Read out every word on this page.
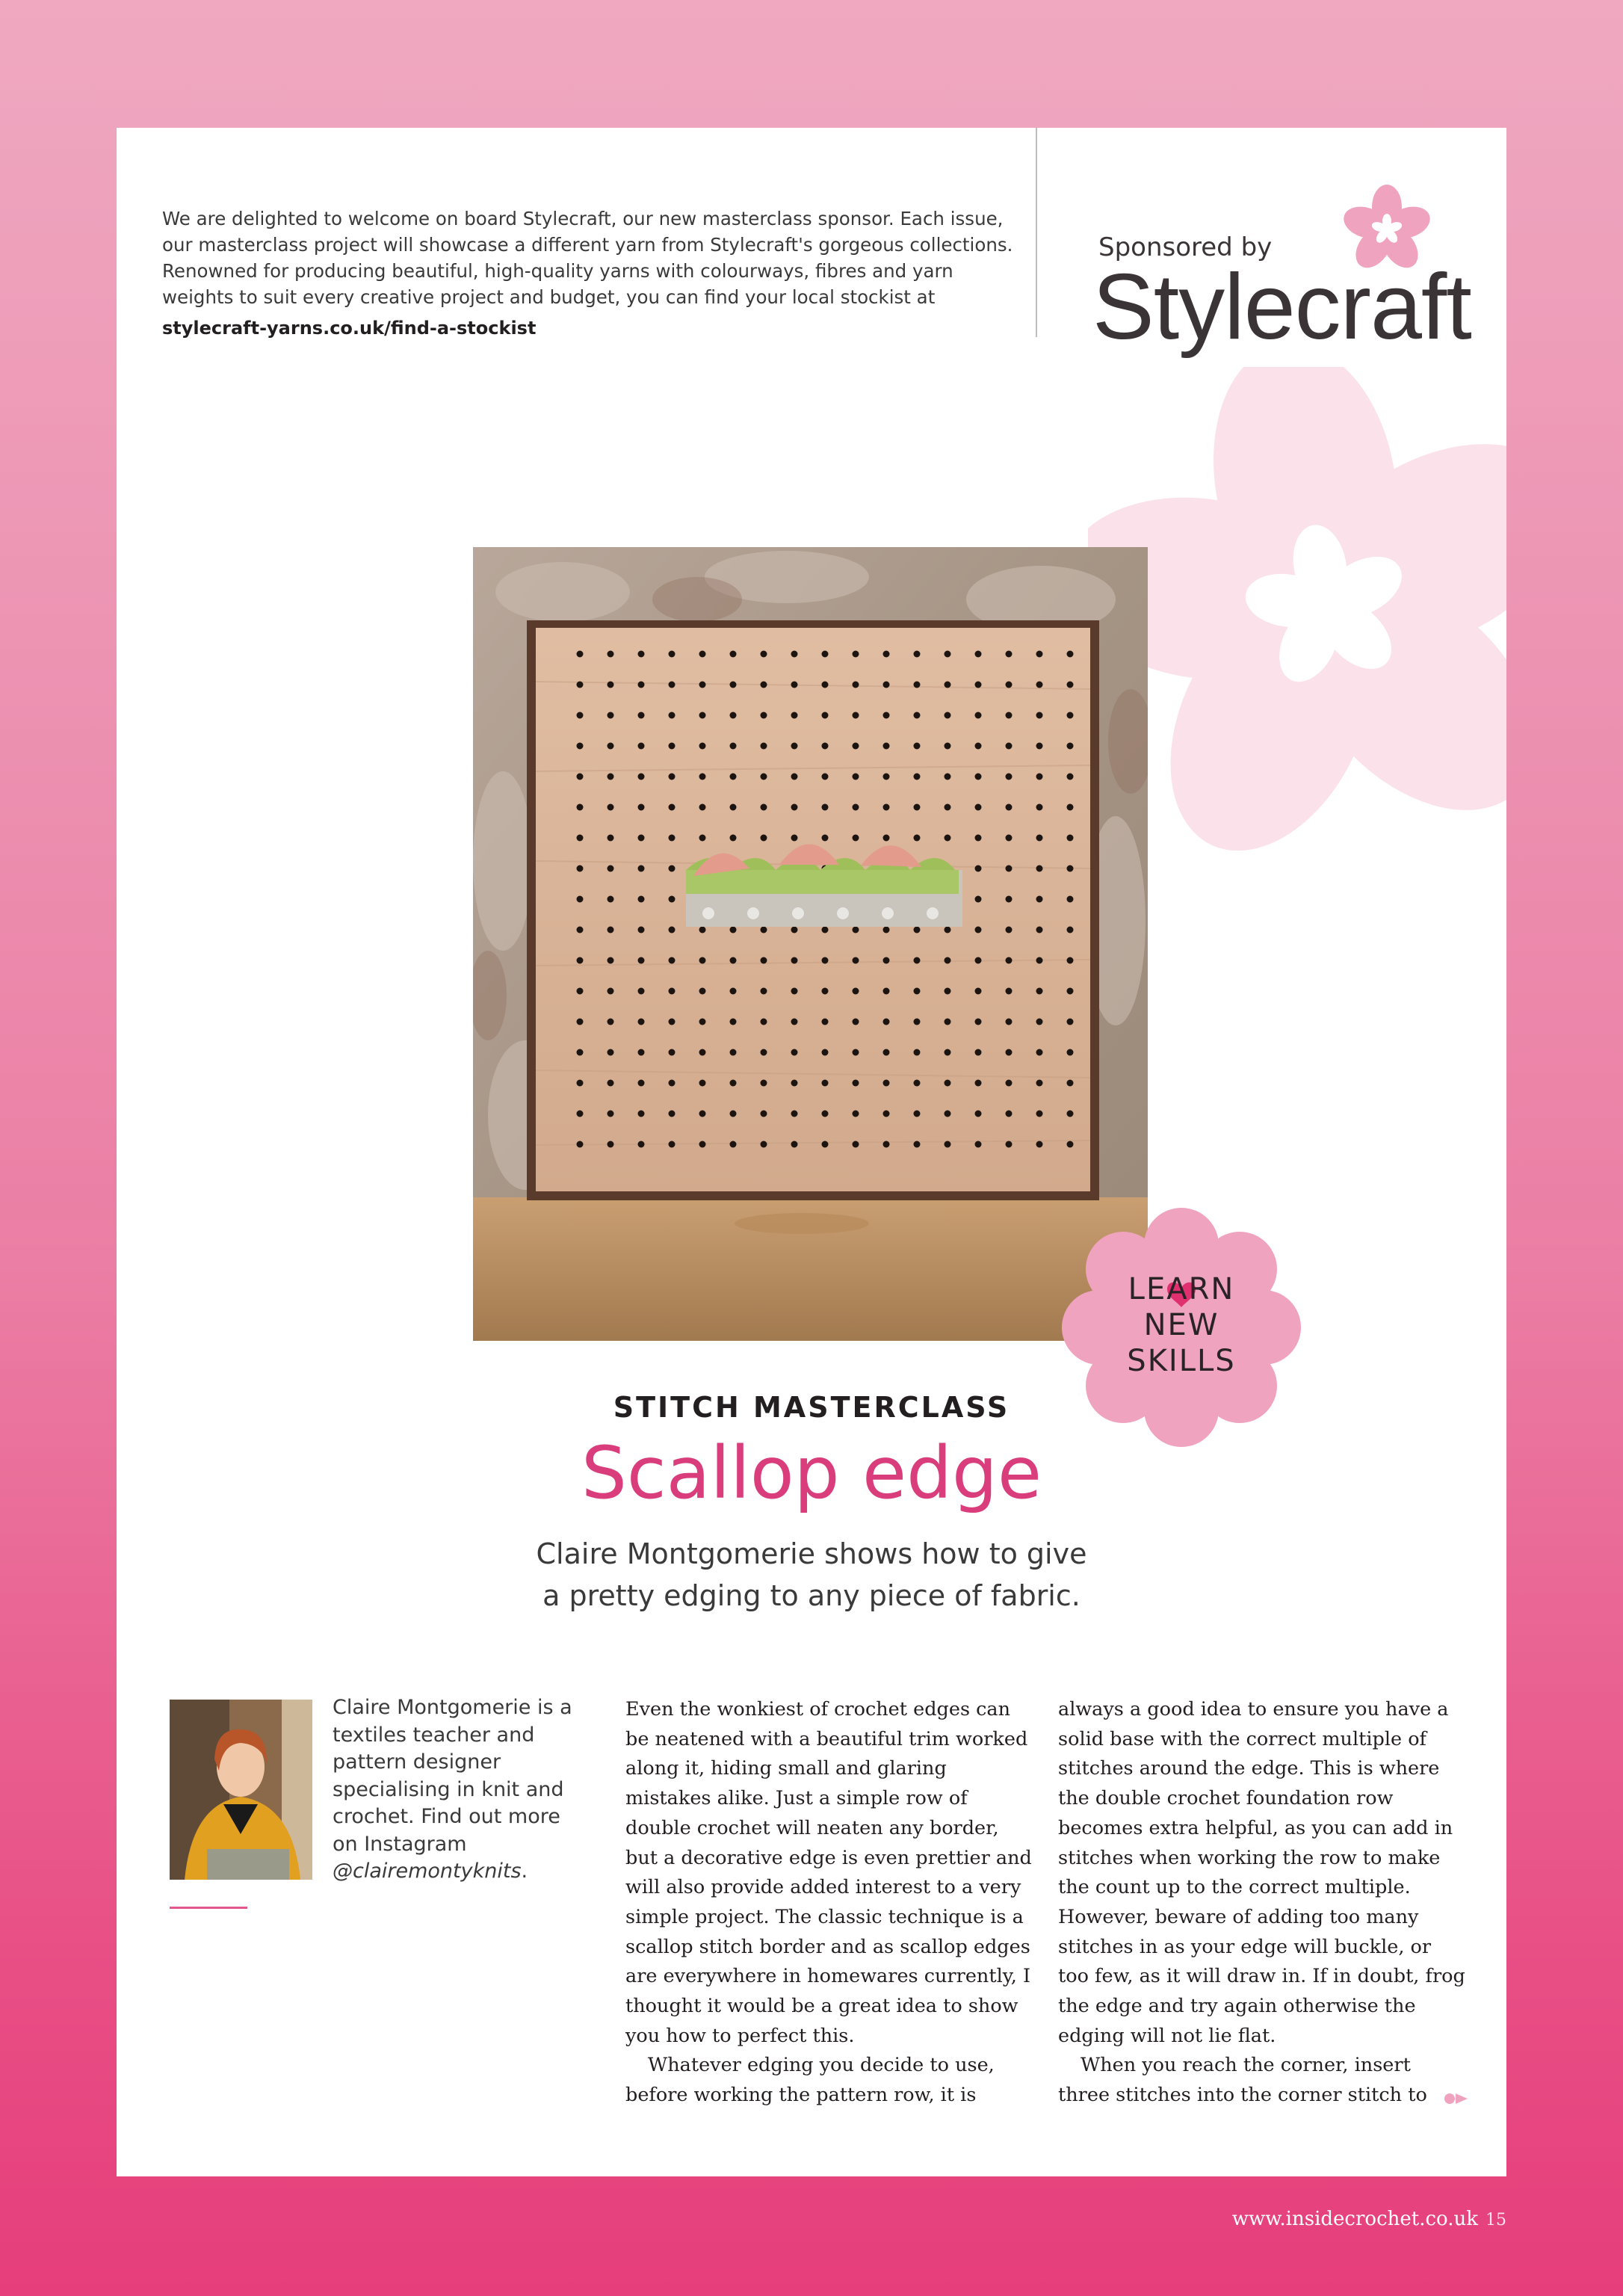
We are delighted to welcome on board Stylecraft, our new masterclass sponsor. Each issue, our masterclass project will showcase a different yarn from Stylecraft's gorgeous collections. Renowned for producing beautiful, high-quality yarns with colourways, fibres and yarn weights to suit every creative project and budget, you can find your local stockist at
stylecraft-yarns.co.uk/find-a-stockist
Sponsored by
Stylecraft
LEARN
NEW
SKILLS
STITCH MASTERCLASS
Scallop edge
Claire Montgomerie shows how to give
a pretty edging to any piece of fabric.
Claire Montgomerie is a textiles teacher and pattern designer specialising in knit and crochet. Find out more on Instagram @clairemontyknits.

Even the wonkiest of crochet edges can be neatened with a beautiful trim worked along it, hiding small and glaring mistakes alike. Just a simple row of double crochet will neaten any border, but a decorative edge is even prettier and will also provide added interest to a very simple project. The classic technique is a scallop stitch border and as scallop edges are everywhere in homewares currently, I thought it would be a great idea to show you how to perfect this.

Whatever edging you decide to use, before working the pattern row, it is

always a good idea to ensure you have a solid base with the correct multiple of stitches around the edge. This is where the double crochet foundation row becomes extra helpful, as you can add in stitches when working the row to make the count up to the correct multiple. However, beware of adding too many stitches in as your edge will buckle, or too few, as it will draw in. If in doubt, frog the edge and try again otherwise the edging will not lie flat.

When you reach the corner, insert three stitches into the corner stitch to

www.insidecrochet.co.uk 15
